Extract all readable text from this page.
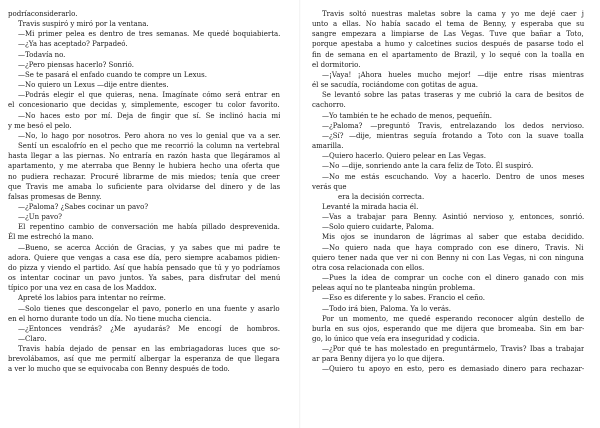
podríaconsiderarlo.

Travis suspiró y miró por la ventana.

—Mi primer pelea es dentro de tres semanas. Me quedé boquiabierta.

—¿Ya has aceptado? Parpadeó.

—Todavía no.

—¿Pero piensas hacerlo? Sonrió.

—Se te pasará el enfado cuando te compre un Lexus.

—No quiero un Lexus —dije entre dientes.

—Podrás elegir el que quieras, nena. Imagínate cómo será entrar en

el concesionario que decidas y, simplemente, escoger tu color favorito.

—No haces esto por mí. Deja de fingir que sí. Se inclinó hacia mí

y me besó el pelo.

—No, lo hago por nosotros. Pero ahora no ves lo genial que va a ser.

Sentí un escalofrío en el pecho que me recorrió la column na vertebral

hasta llegar a las piernas. No entraría en razón hasta que llegáramos al

apartamento, y me aterraba que Benny le hubiera hecho una oferta que

no pudiera rechazar. Procuré librarme de mis miedos; tenía que creer

que Travis me amaba lo suficiente para olvidarse del dinero y de las

falsas promesas de Benny.

—¿Paloma? ¿Sabes cocinar un pavo?

—¿Un pavo?

El repentino cambio de conversación me había pillado desprevenida.

Él me estrechó la mano.

—Bueno, se acerca Acción de Gracias, y ya sabes que mi padre te

adora. Quiere que vengas a casa ese día, pero siempre acabamos pidien-

do pizza y viendo el partido. Así que había pensado que tú y yo podríamos

os intentar cocinar un pavo juntos. Ya sabes, para disfrutar del menú

típico por una vez en casa de los Maddox.

Apreté los labios para intentar no reírme.

—Solo tienes que descongelar el pavo, ponerlo en una fuente y asarlo

en el horno durante todo un día. No tiene mucha ciencia.

—¿Entonces vendrás? ¿Me ayudarás? Me encogí de hombros.

—Claro.

Travis había dejado de pensar en las embriagadoras luces que so-

brevolábamos, así que me permití albergar la esperanza de que llegara

a ver lo mucho que se equivocaba con Benny después de todo.

Travis soltó nuestras maletas sobre la cama y yo me dejé caer j

unto a ellas. No había sacado el tema de Benny, y esperaba que su

sangre empezara a limpiarse de Las Vegas. Tuve que bañar a Toto,

porque apestaba a humo y calcetines sucios después de pasarse todo el

fin de semana en el apartamento de Brazil, y lo sequé con la toalla en

el dormitorio.

—¡Vaya! ¡Ahora hueles mucho mejor! —dije entre risas mientras

él se sacudía, rociándome con gotitas de agua.

Se levantó sobre las patas traseras y me cubrió la cara de besitos de

cachorro.

—Yo también te he echado de menos, pequeñín.

—¿Paloma? —preguntó Travis, entrelazando los dedos nervioso.

—¿Sí? —dije, mientras seguía frotando a Toto con la suave toalla

amarilla.

—Quiero hacerlo. Quiero pelear en Las Vegas.

—No —dije, sonriendo ante la cara feliz de Toto. Él suspiró.

—No me estás escuchando. Voy a hacerlo. Dentro de unos meses

verás que

era la decisión correcta.

Levanté la mirada hacia él.

—Vas a trabajar para Benny. Asintió nervioso y, entonces, sonrió.

—Solo quiero cuidarte, Paloma.

Mis ojos se inundaron de lágrimas al saber que estaba decidido.

—No quiero nada que haya comprado con ese dinero, Travis. Ni

quiero tener nada que ver ni con Benny ni con Las Vegas, ni con ninguna

otra cosa relacionada con ellos.

—Pues la idea de comprar un coche con el dinero ganado con mis

peleas aquí no te planteaba ningún problema.

—Eso es diferente y lo sabes. Francio el ceño.

—Todo irá bien, Paloma. Ya lo verás.

Por un momento, me quedé esperando reconocer algún destello de

burla en sus ojos, esperando que me dijera que bromeaba. Sin em bar-

go, lo único que veía era inseguridad y codicia.

—¿Por qué te has molestado en preguntármelo, Travis? Ibas a trabajar

ar para Benny dijera yo lo que dijera.

—Quiero tu apoyo en esto, pero es demasiado dinero para rechazar-
